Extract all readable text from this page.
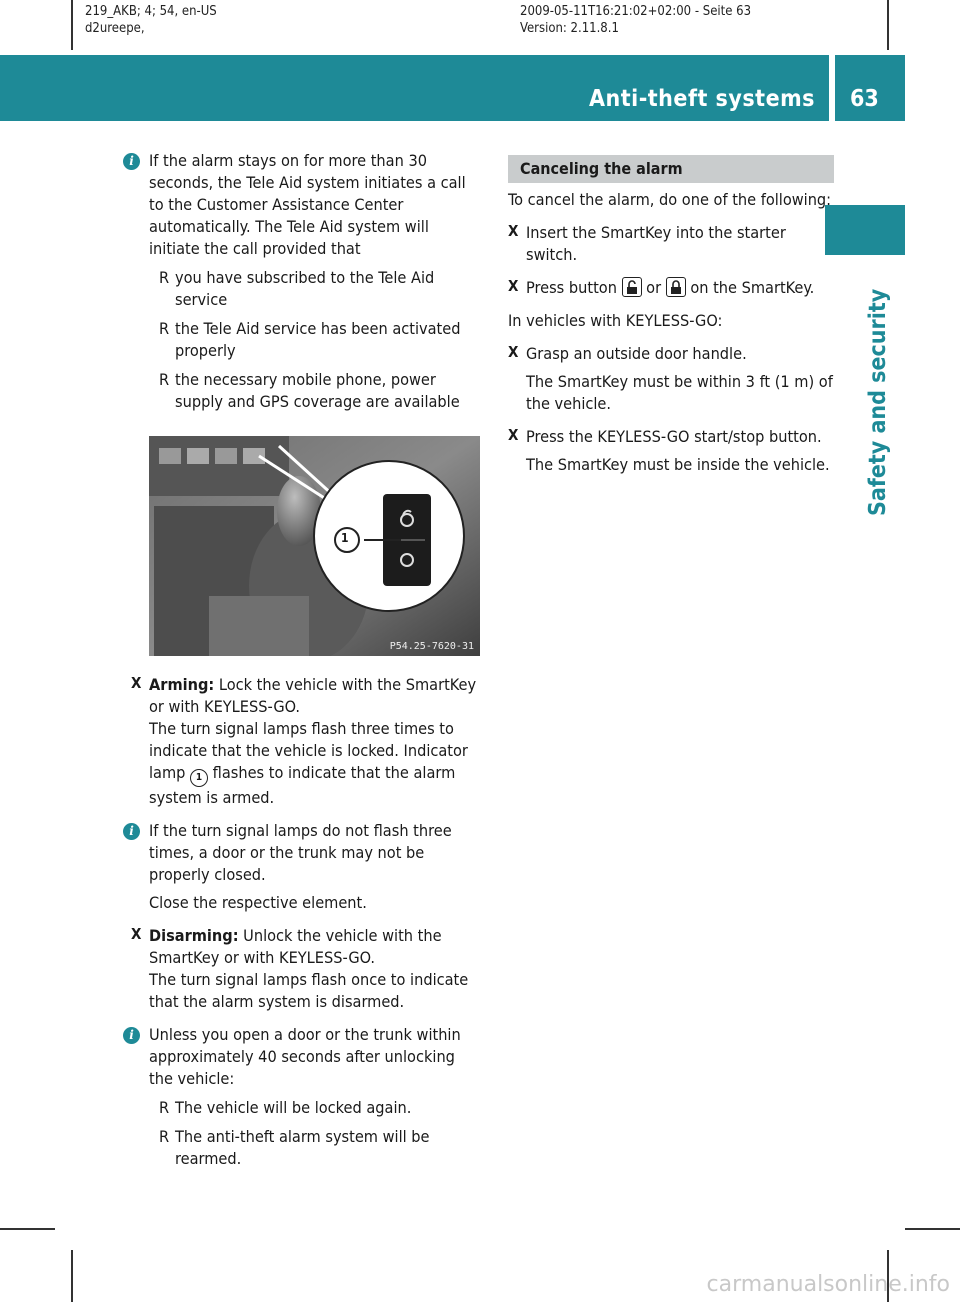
219_AKB; 4; 54, en-US
d2ureepe,
2009-05-11T16:21:02+02:00 - Seite 63
Version: 2.11.8.1
Anti-theft systems 63
Safety and security
i If the alarm stays on for more than 30 seconds, the Tele Aid system initiates a call to the Customer Assistance Center automatically. The Tele Aid system will initiate the call provided that

R you have subscribed to the Tele Aid service
R the Tele Aid service has been activated properly
R the necessary mobile phone, power supply and GPS coverage are available
1
P54.25-7620-31
X Arming: Lock the vehicle with the SmartKey or with KEYLESS-GO.

The turn signal lamps flash three times to indicate that the vehicle is locked. Indicator lamp 1 flashes to indicate that the alarm system is armed.

i If the turn signal lamps do not flash three times, a door or the trunk may not be properly closed.

Close the respective element.

X Disarming: Unlock the vehicle with the SmartKey or with KEYLESS-GO.

The turn signal lamps flash once to indicate that the alarm system is disarmed.

i Unless you open a door or the trunk within approximately 40 seconds after unlocking the vehicle:

R The vehicle will be locked again.
R The anti-theft alarm system will be rearmed.
Canceling the alarm

To cancel the alarm, do one of the following:

X Insert the SmartKey into the starter switch.

X Press button or on the SmartKey.

In vehicles with KEYLESS-GO:

X Grasp an outside door handle.

The SmartKey must be within 3 ft (1 m) of the vehicle.

X Press the KEYLESS-GO start/stop button.

The SmartKey must be inside the vehicle.

carmanualsonline.info
